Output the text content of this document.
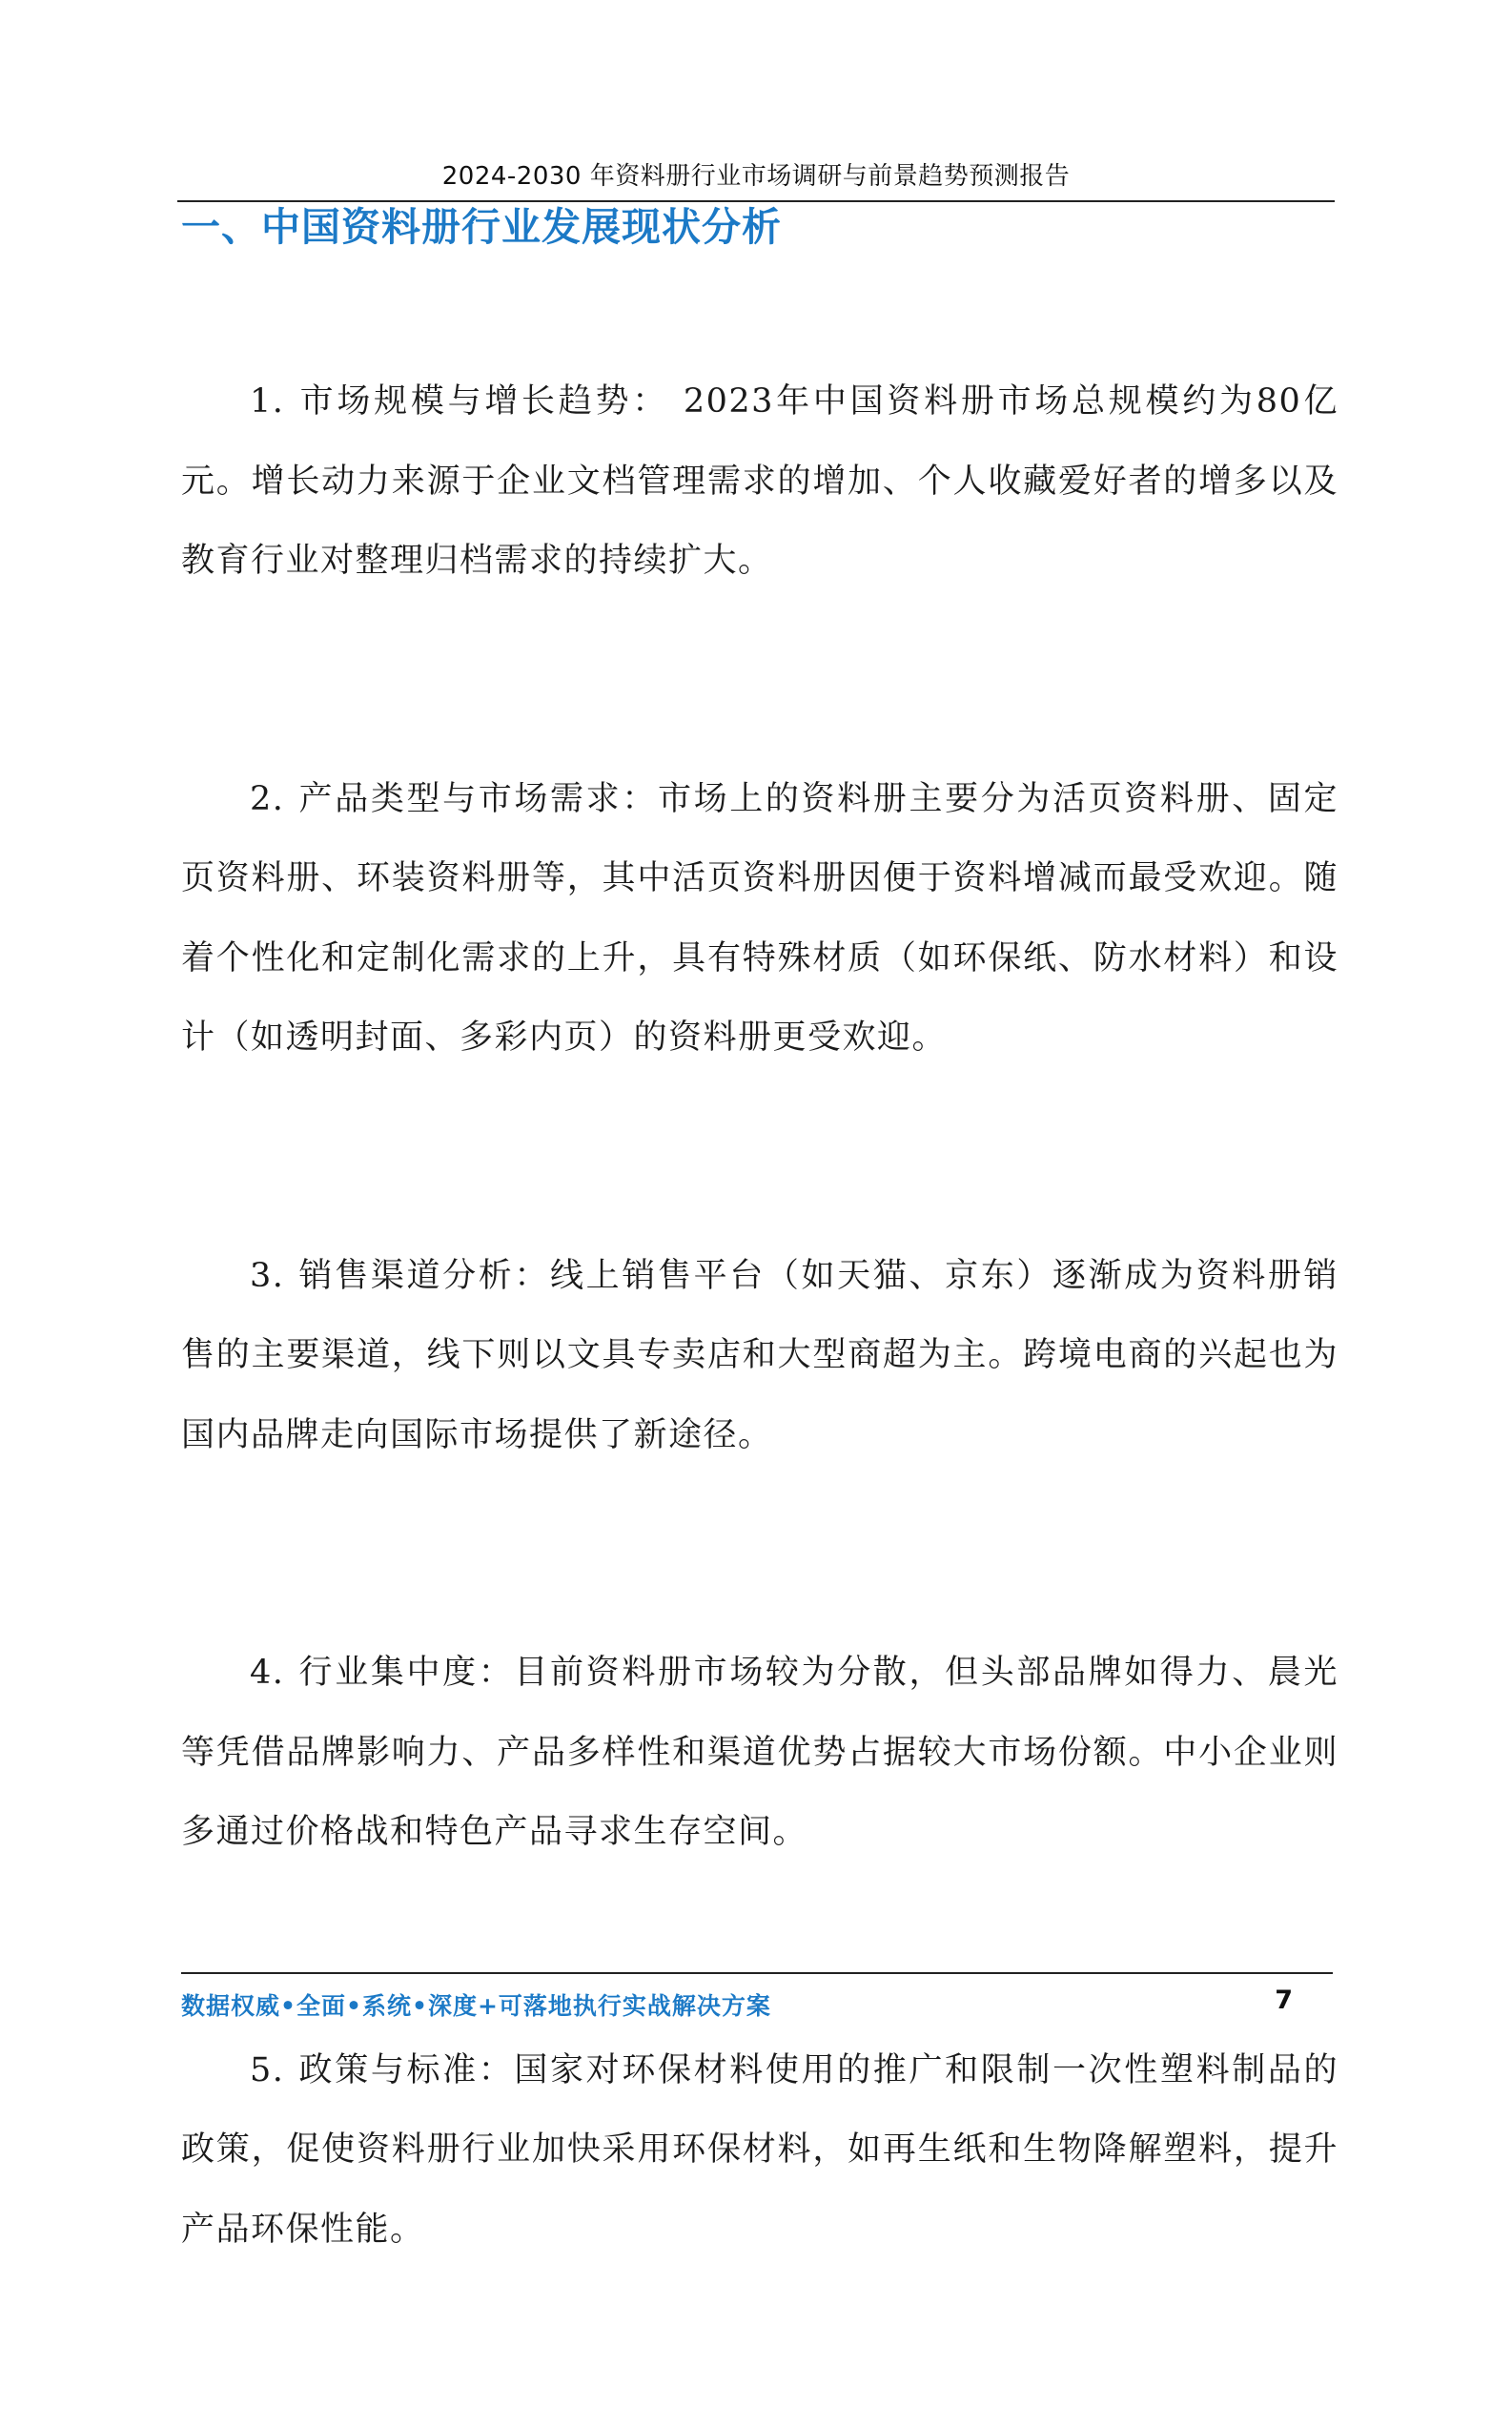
2024-2030 年资料册行业市场调研与前景趋势预测报告
一、中国资料册行业发展现状分析

1. 市场规模与增长趋势： 2023年中国资料册市场总规模约为80亿元。增长动力来源于企业文档管理需求的增加、个人收藏爱好者的增多以及教育行业对整理归档需求的持续扩大。

2. 产品类型与市场需求：市场上的资料册主要分为活页资料册、固定页资料册、环装资料册等，其中活页资料册因便于资料增减而最受欢迎。随着个性化和定制化需求的上升，具有特殊材质（如环保纸、防水材料）和设计（如透明封面、多彩内页）的资料册更受欢迎。

3. 销售渠道分析：线上销售平台（如天猫、京东）逐渐成为资料册销售的主要渠道，线下则以文具专卖店和大型商超为主。跨境电商的兴起也为国内品牌走向国际市场提供了新途径。

4. 行业集中度：目前资料册市场较为分散，但头部品牌如得力、晨光等凭借品牌影响力、产品多样性和渠道优势占据较大市场份额。中小企业则多通过价格战和特色产品寻求生存空间。

5. 政策与标准：国家对环保材料使用的推广和限制一次性塑料制品的政策，促使资料册行业加快采用环保材料，如再生纸和生物降解塑料，提升产品环保性能。

数据权威•全面•系统•深度+可落地执行实战解决方案	7
